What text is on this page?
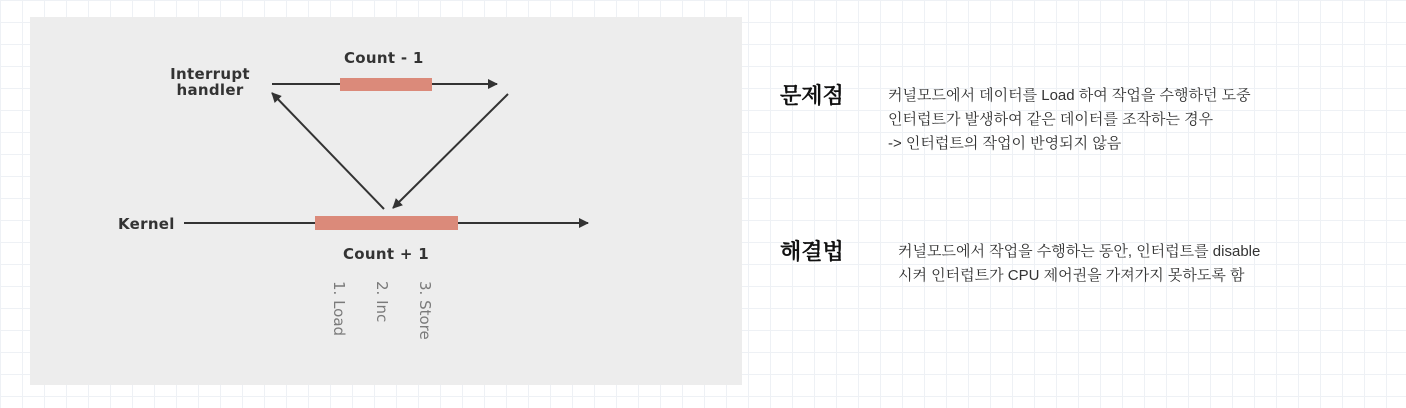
Interrupt
handler
Count - 1
Kernel
Count + 1
1. Load 2. Inc 3. Store
문제점	커널모드에서 데이터를 Load 하여 작업을 수행하던 도중
인터럽트가 발생하여 같은 데이터를 조작하는 경우
-> 인터럽트의 작업이 반영되지 않음
해결법	커널모드에서 작업을 수행하는 동안, 인터럽트를 disable
시켜 인터럽트가 CPU 제어권을 가져가지 못하도록 함
